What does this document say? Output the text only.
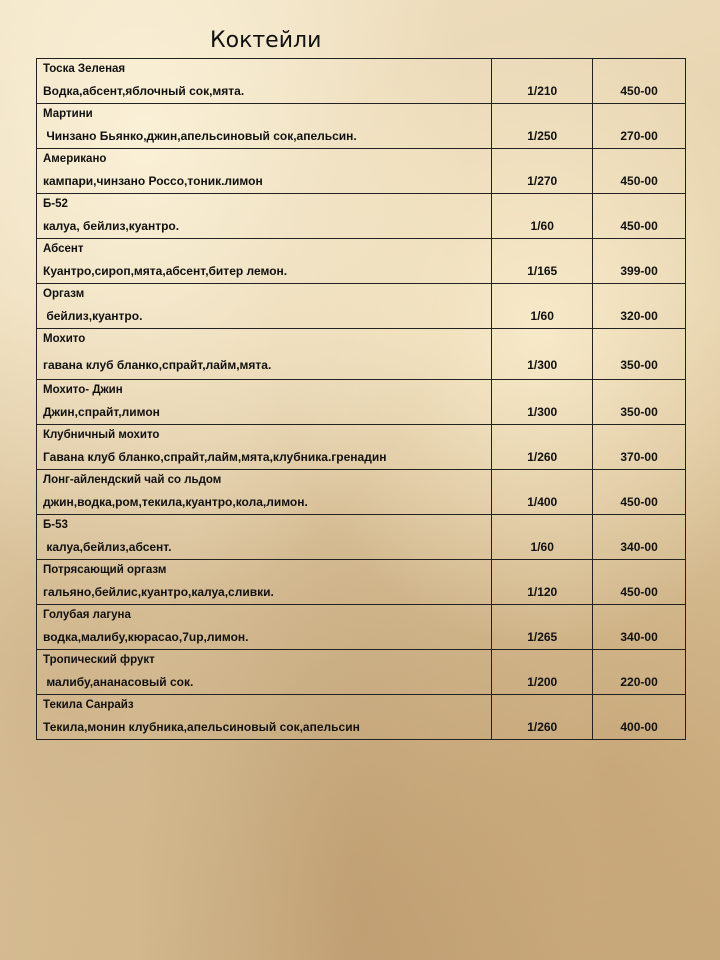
Коктейли
Тоска Зеленая
Водка,абсент,яблочный сок,мята.	1/210	450-00

Мартини
Чинзано Бьянко,джин,апельсиновый сок,апельсин.	1/250	270-00

Американо
кампари,чинзано Россо,тоник.лимон	1/270	450-00

Б-52
калуа, бейлиз,куантро.	1/60	450-00

Абсент
Куантро,сироп,мята,абсент,битер лемон.	1/165	399-00

Оргазм
бейлиз,куантро.	1/60	320-00

Мохито
гавана клуб бланко,спрайт,лайм,мята.	1/300	350-00

Мохито- Джин
Джин,спрайт,лимон	1/300	350-00

Клубничный мохито
Гавана клуб бланко,спрайт,лайм,мята,клубника.гренадин	1/260	370-00

Лонг-айлендский чай со льдом
джин,водка,ром,текила,куантро,кола,лимон.	1/400	450-00

Б-53
калуа,бейлиз,абсент.	1/60	340-00

Потрясающий оргазм
гальяно,бейлис,куантро,калуа,сливки.	1/120	450-00

Голубая лагуна
водка,малибу,кюрасао,7up,лимон.	1/265	340-00

Тропический фрукт
малибу,ананасовый сок.	1/200	220-00

Текила Санрайз
Текила,монин клубника,апельсиновый сок,апельсин	1/260	400-00
